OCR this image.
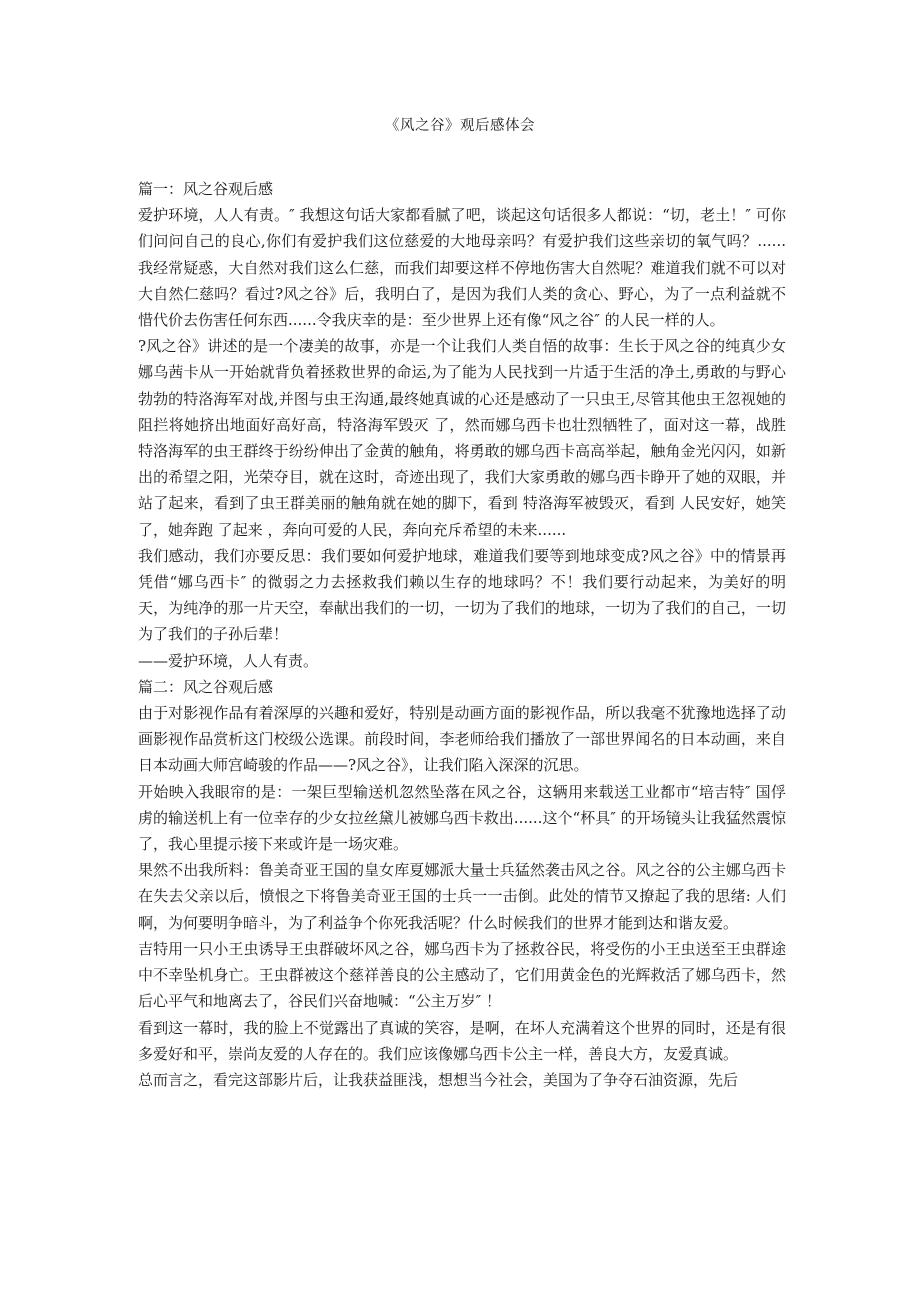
《风之谷》观后感体会

篇一：风之谷观后感

爱护环境，人人有责。″ 我想这句话大家都看腻了吧，谈起这句话很多人都说：“切，老土！″ 可你们问问自己的良心,你们有爱护我们这位慈爱的大地母亲吗？有爱护我们这些亲切的氧气吗？......我经常疑惑，大自然对我们这么仁慈，而我们却要这样不停地伤害大自然呢？难道我们就不可以对大自然仁慈吗？看过?风之谷》后，我明白了，是因为我们人类的贪心、野心，为了一点利益就不惜代价去伤害任何东西......令我庆幸的是：至少世界上还有像“风之谷″ 的人民一样的人。

?风之谷》讲述的是一个凄美的故事，亦是一个让我们人类自悟的故事：生长于风之谷的纯真少女娜乌茜卡从一开始就背负着拯救世界的命运,为了能为人民找到一片适于生活的净土,勇敢的与野心勃勃的特洛海军对战,并图与虫王沟通,最终她真诚的心还是感动了一只虫王,尽管其他虫王忽视她的阻拦将她挤出地面好高好高，特洛海军毁灭 了，然而娜乌西卡也壮烈牺牲了，面对这一幕，战胜特洛海军的虫王群终于纷纷伸出了金黄的触角，将勇敢的娜乌西卡高高举起，触角金光闪闪，如新出的希望之阳，光荣夺目，就在这时，奇迹出现了，我们大家勇敢的娜乌西卡睁开了她的双眼，并站了起来，看到了虫王群美丽的触角就在她的脚下，看到 特洛海军被毁灭，看到 人民安好，她笑了，她奔跑 了起来 ，奔向可爱的人民，奔向充斥希望的未来......

我们感动，我们亦要反思：我们要如何爱护地球，难道我们要等到地球变成?风之谷》中的情景再凭借“娜乌西卡″ 的微弱之力去拯救我们赖以生存的地球吗？不！我们要行动起来，为美好的明天，为纯净的那一片天空，奉献出我们的一切，一切为了我们的地球，一切为了我们的自己，一切为了我们的子孙后辈！

——爱护环境，人人有责。

篇二：风之谷观后感

由于对影视作品有着深厚的兴趣和爱好，特别是动画方面的影视作品，所以我毫不犹豫地选择了动画影视作品赏析这门校级公选课。前段时间，李老师给我们播放了一部世界闻名的日本动画，来自日本动画大师宫崎骏的作品——?风之谷》，让我们陷入深深的沉思。

开始映入我眼帘的是：一架巨型输送机忽然坠落在风之谷，这辆用来载送工业都市“培吉特″ 国俘虏的输送机上有一位幸存的少女拉丝黛儿被娜乌西卡救出......这个“杯具″ 的开场镜头让我猛然震惊了，我心里提示接下来或许是一场灾难。

果然不出我所料：鲁美奇亚王国的皇女库夏娜派大量士兵猛然袭击风之谷。风之谷的公主娜乌西卡在失去父亲以后，愤恨之下将鲁美奇亚王国的士兵一一击倒。此处的情节又撩起了我的思绪: 人们啊，为何要明争暗斗，为了利益争个你死我活呢？什么时候我们的世界才能到达和谐友爱。

吉特用一只小王虫诱导王虫群破坏风之谷，娜乌西卡为了拯救谷民，将受伤的小王虫送至王虫群途中不幸坠机身亡。王虫群被这个慈祥善良的公主感动了，它们用黄金色的光辉救活了娜乌西卡，然后心平气和地离去了，谷民们兴奋地喊：“公主万岁″ ！

看到这一幕时，我的脸上不觉露出了真诚的笑容，是啊，在坏人充满着这个世界的同时，还是有很多爱好和平，崇尚友爱的人存在的。我们应该像娜乌西卡公主一样，善良大方，友爱真诚。

总而言之，看完这部影片后，让我获益匪浅，想想当今社会，美国为了争夺石油资源，先后
